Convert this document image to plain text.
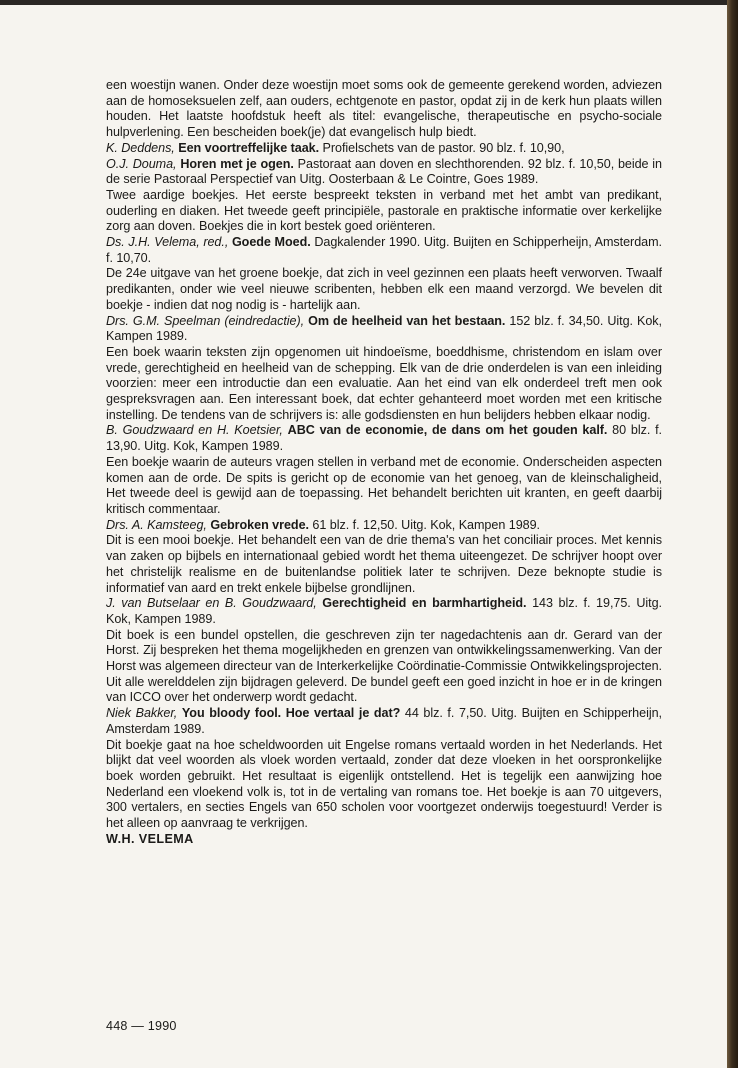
een woestijn wanen. Onder deze woestijn moet soms ook de gemeente gerekend worden, adviezen aan de homoseksuelen zelf, aan ouders, echtgenote en pastor, opdat zij in de kerk hun plaats willen houden. Het laatste hoofdstuk heeft als titel: evangelische, therapeutische en psycho-sociale hulpverlening. Een bescheiden boek(je) dat evangelisch hulp biedt.

K. Deddens, Een voortreffelijke taak. Profielschets van de pastor. 90 blz. f. 10,90,

O.J. Douma, Horen met je ogen. Pastoraat aan doven en slechthorenden. 92 blz. f. 10,50, beide in de serie Pastoraal Perspectief van Uitg. Oosterbaan & Le Cointre, Goes 1989.

Twee aardige boekjes. Het eerste bespreekt teksten in verband met het ambt van predikant, ouderling en diaken. Het tweede geeft principiële, pastorale en praktische informatie over kerkelijke zorg aan doven. Boekjes die in kort bestek goed oriënteren.

Ds. J.H. Velema, red., Goede Moed. Dagkalender 1990. Uitg. Buijten en Schipperheijn, Amsterdam. f. 10,70.

De 24e uitgave van het groene boekje, dat zich in veel gezinnen een plaats heeft verworven. Twaalf predikanten, onder wie veel nieuwe scribenten, hebben elk een maand verzorgd. We bevelen dit boekje - indien dat nog nodig is - hartelijk aan.

Drs. G.M. Speelman (eindredactie), Om de heelheid van het bestaan. 152 blz. f. 34,50. Uitg. Kok, Kampen 1989.

Een boek waarin teksten zijn opgenomen uit hindoeïsme, boeddhisme, christendom en islam over vrede, gerechtigheid en heelheid van de schepping. Elk van de drie onderdelen is van een inleiding voorzien: meer een introductie dan een evaluatie. Aan het eind van elk onderdeel treft men ook gespreksvragen aan. Een interessant boek, dat echter gehanteerd moet worden met een kritische instelling. De tendens van de schrijvers is: alle godsdiensten en hun belijders hebben elkaar nodig.

B. Goudzwaard en H. Koetsier, ABC van de economie, de dans om het gouden kalf. 80 blz. f. 13,90. Uitg. Kok, Kampen 1989.

Een boekje waarin de auteurs vragen stellen in verband met de economie. Onderscheiden aspecten komen aan de orde. De spits is gericht op de economie van het genoeg, van de kleinschaligheid, Het tweede deel is gewijd aan de toepassing. Het behandelt berichten uit kranten, en geeft daarbij kritisch commentaar.

Drs. A. Kamsteeg, Gebroken vrede. 61 blz. f. 12,50. Uitg. Kok, Kampen 1989.

Dit is een mooi boekje. Het behandelt een van de drie thema's van het conciliair proces. Met kennis van zaken op bijbels en internationaal gebied wordt het thema uiteengezet. De schrijver hoopt over het christelijk realisme en de buitenlandse politiek later te schrijven. Deze beknopte studie is informatief van aard en trekt enkele bijbelse grondlijnen.

J. van Butselaar en B. Goudzwaard, Gerechtigheid en barmhartigheid. 143 blz. f. 19,75. Uitg. Kok, Kampen 1989.

Dit boek is een bundel opstellen, die geschreven zijn ter nagedachtenis aan dr. Gerard van der Horst. Zij bespreken het thema mogelijkheden en grenzen van ontwikkelingssamenwerking. Van der Horst was algemeen directeur van de Interkerkelijke Coördinatie-Commissie Ontwikkelingsprojecten. Uit alle werelddelen zijn bijdragen geleverd. De bundel geeft een goed inzicht in hoe er in de kringen van ICCO over het onderwerp wordt gedacht.

Niek Bakker, You bloody fool. Hoe vertaal je dat? 44 blz. f. 7,50. Uitg. Buijten en Schipperheijn, Amsterdam 1989.

Dit boekje gaat na hoe scheldwoorden uit Engelse romans vertaald worden in het Nederlands. Het blijkt dat veel woorden als vloek worden vertaald, zonder dat deze vloeken in het oorspronkelijke boek worden gebruikt. Het resultaat is eigenlijk ontstellend. Het is tegelijk een aanwijzing hoe Nederland een vloekend volk is, tot in de vertaling van romans toe. Het boekje is aan 70 uitgevers, 300 vertalers, en secties Engels van 650 scholen voor voortgezet onderwijs toegestuurd! Verder is het alleen op aanvraag te verkrijgen.

W.H. VELEMA

448 — 1990
